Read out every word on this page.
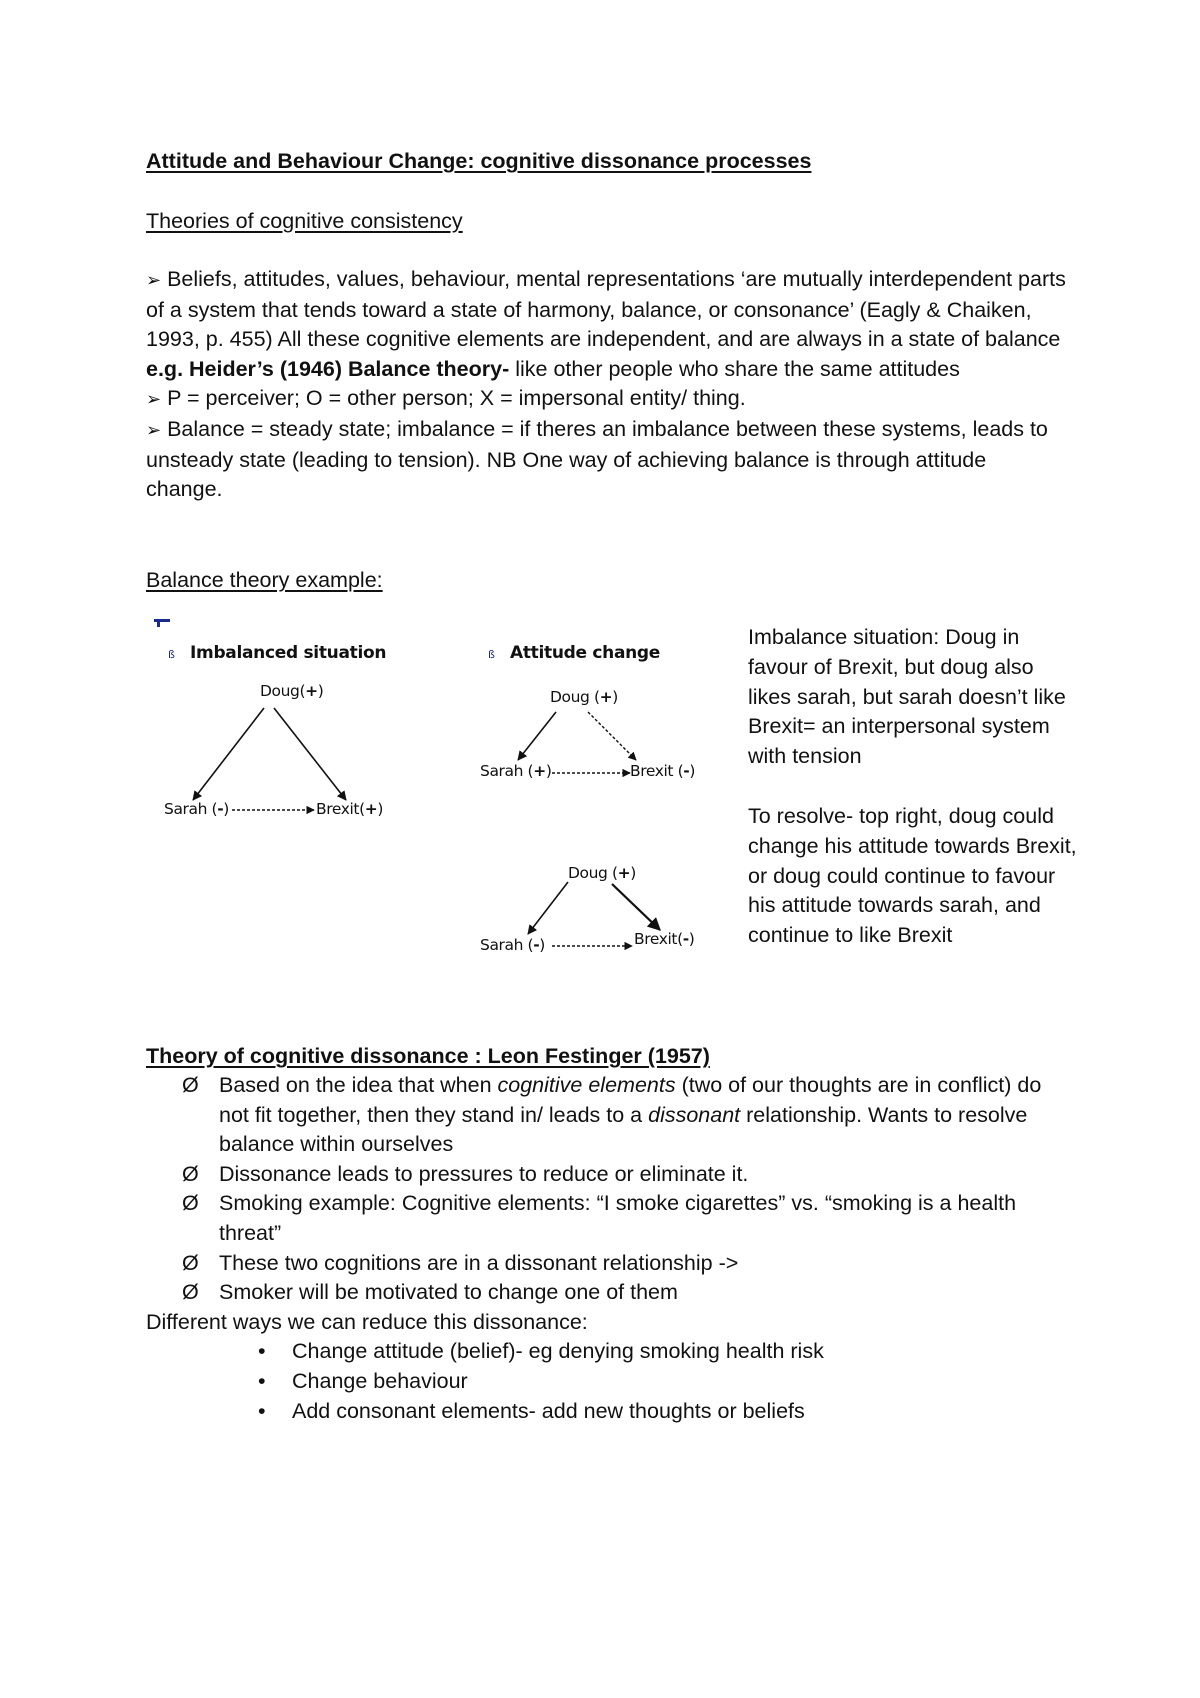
Attitude and Behaviour Change: cognitive dissonance processes
Theories of cognitive consistency

➢ Beliefs, attitudes, values, behaviour, mental representations ‘are mutually interdependent parts of a system that tends toward a state of harmony, balance, or consonance’ (Eagly & Chaiken, 1993, p. 455) All these cognitive elements are independent, and are always in a state of balance

e.g. Heider’s (1946) Balance theory- like other people who share the same attitudes

➢ P = perceiver; O = other person; X = impersonal entity/ thing.

➢ Balance = steady state; imbalance = if theres an imbalance between these systems, leads to unsteady state (leading to tension). NB One way of achieving balance is through attitude change.

Balance theory example:
ß Imbalanced situation
Doug(+)
Sarah (-)	Brexit(+)
ß Attitude change
Doug (+)
Sarah (+)	Brexit (-)
Doug (+)
Sarah (-)	Brexit(-)
Imbalance situation: Doug in favour of Brexit, but doug also likes sarah, but sarah doesn’t like Brexit= an interpersonal system with tension
To resolve- top right, doug could change his attitude towards Brexit, or doug could continue to favour his attitude towards sarah, and continue to like Brexit
Theory of cognitive dissonance : Leon Festinger (1957)
Ø Based on the idea that when cognitive elements (two of our thoughts are in conflict) do not fit together, then they stand in/ leads to a dissonant relationship. Wants to resolve balance within ourselves
Ø Dissonance leads to pressures to reduce or eliminate it.
Ø Smoking example: Cognitive elements: “I smoke cigarettes” vs. “smoking is a health threat”
Ø These two cognitions are in a dissonant relationship ->
Ø Smoker will be motivated to change one of them
Different ways we can reduce this dissonance:
• Change attitude (belief)- eg denying smoking health risk
• Change behaviour
• Add consonant elements- add new thoughts or beliefs
